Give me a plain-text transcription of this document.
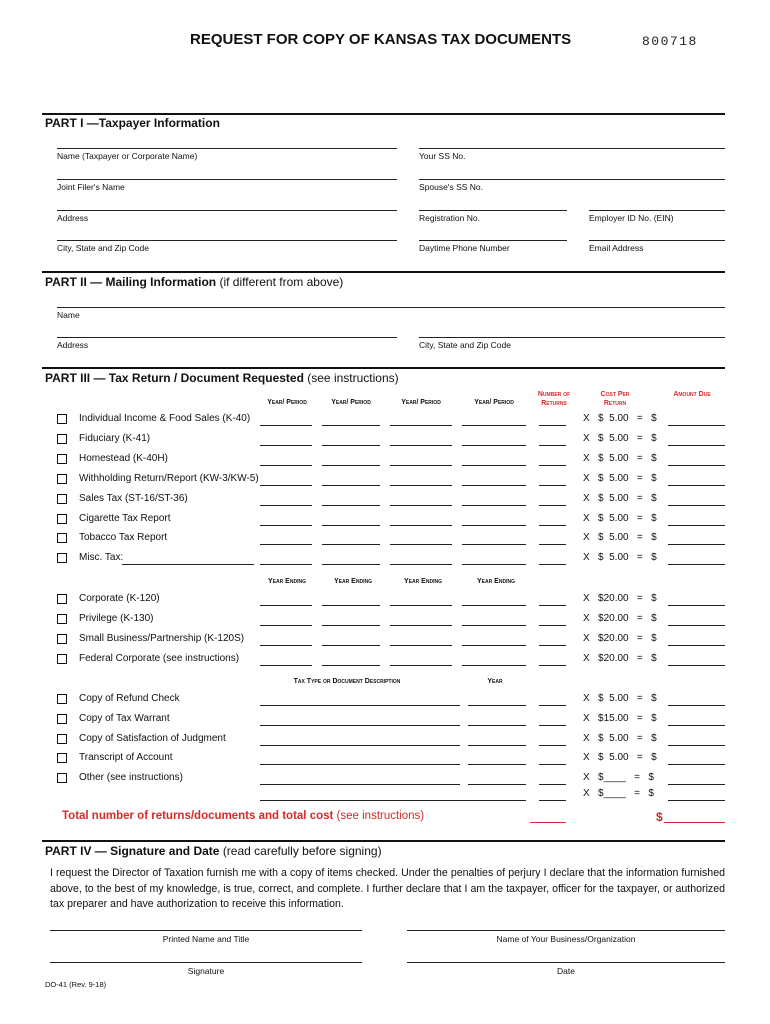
REQUEST FOR COPY OF KANSAS TAX DOCUMENTS	800718
PART I —Taxpayer Information
Name (Taxpayer or Corporate Name)	Your SS No.
Joint Filer's Name	Spouse's SS No.
Address	Registration No.	Employer ID No. (EIN)
City, State and Zip Code	Daytime Phone Number	Email Address
PART II — Mailing Information (if different from above)
Name
Address	City, State and Zip Code
PART III — Tax Return / Document Requested (see instructions)
Year/ Period	Year/ Period	Year/ Period	Year/ Period
Number of Returns
Cost Per Return
Amount Due
Individual Income & Food Sales (K-40)	X   $  5.00   =   $
Fiduciary (K-41)	X   $  5.00   =   $
Homestead (K-40H)	X   $  5.00   =   $
Withholding Return/Report (KW-3/KW-5)	X   $  5.00   =   $
Sales Tax (ST-16/ST-36)	X   $  5.00   =   $
Cigarette Tax Report	X   $  5.00   =   $
Tobacco Tax Report	X   $  5.00   =   $
Misc. Tax:	X   $  5.00   =   $
Year Ending	Year Ending	Year Ending	Year Ending
Corporate (K-120)	X   $20.00   =   $
Privilege (K-130)	X   $20.00   =   $
Small Business/Partnership (K-120S)	X   $20.00   =   $
Federal Corporate (see instructions)	X   $20.00   =   $
Tax Type or Document Description	Year
Copy of Refund Check	X   $  5.00   =   $
Copy of Tax Warrant	X   $15.00   =   $
Copy of Satisfaction of Judgment	X   $  5.00   =   $
Transcript of Account	X   $  5.00   =   $
Other (see instructions)	X   $____   =   $
X   $____   =   $
Total number of returns/documents and total cost (see instructions)	$
PART IV — Signature and Date (read carefully before signing)
I request the Director of Taxation furnish me with a copy of items checked. Under the penalties of perjury I declare that the information furnished above, to the best of my knowledge, is true, correct, and complete. I further declare that I am the taxpayer, officer for the taxpayer, or authorized tax preparer and have authorization to receive this information.
Printed Name and Title	Name of Your Business/Organization
Signature	Date
DO-41 (Rev. 9-18)
